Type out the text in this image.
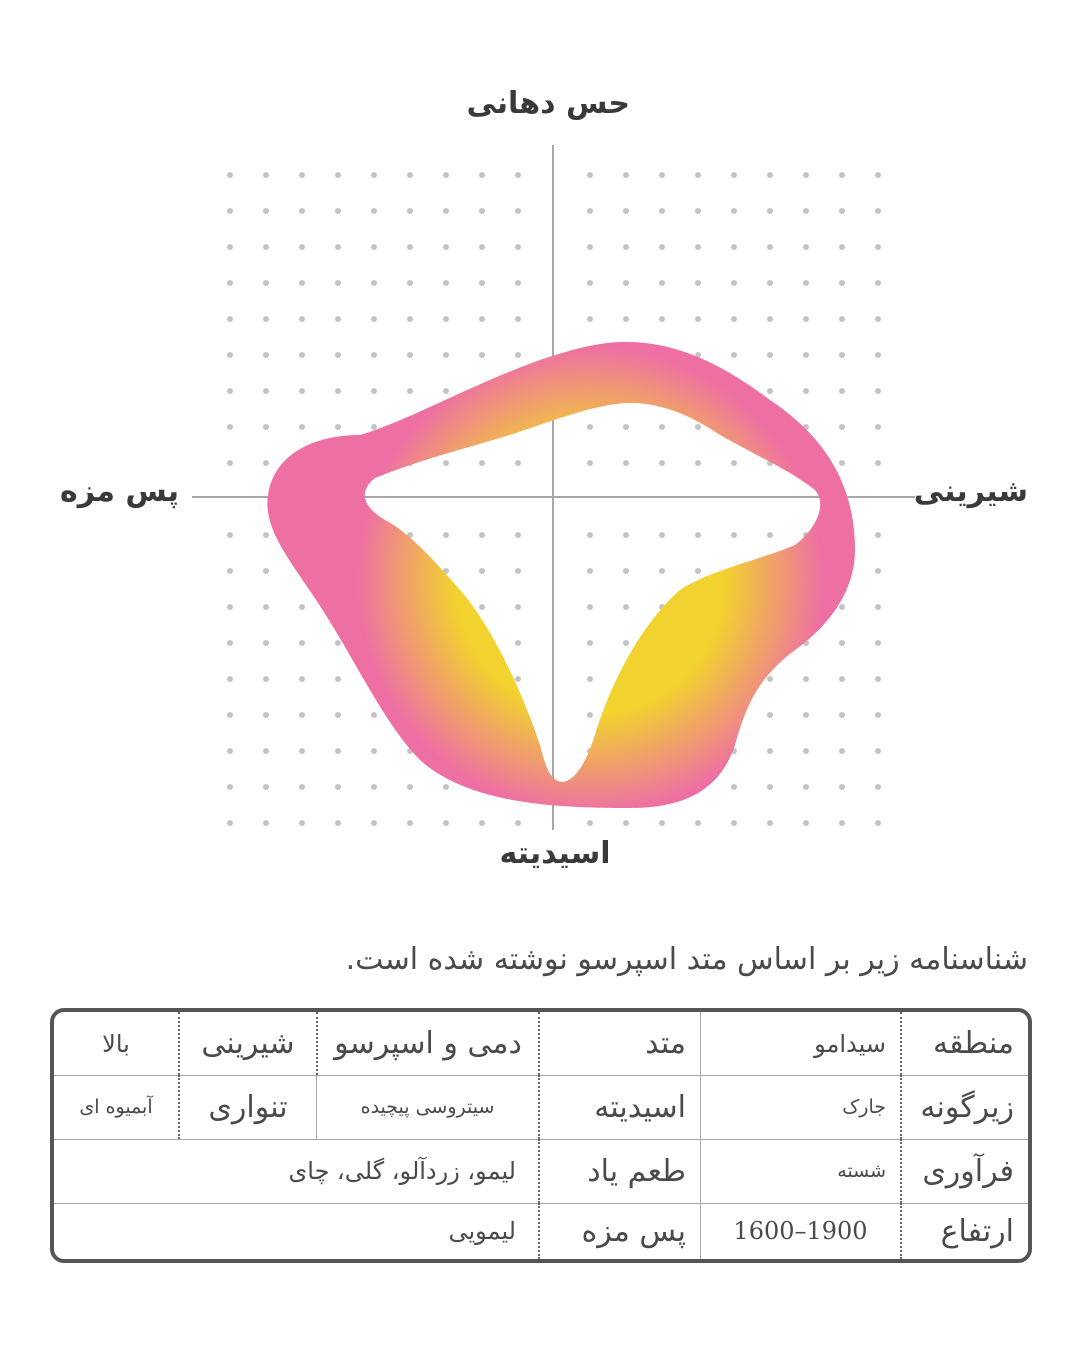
حس دهانی
شیرینی
پس مزه
اسیدیته
شناسنامه زیر بر اساس متد اسپرسو نوشته شده است.
منطقه
سیدامو
متد
دمی و اسپرسو
شیرینی
بالا
زیرگونه
جارک
اسیدیته
سیتروسی پیچیده
تنواری
آبمیوه ای
فرآوری
شسته
طعم یاد
لیمو، زردآلو، گلی، چای
ارتفاع
1600–1900
پس مزه
لیمویی
